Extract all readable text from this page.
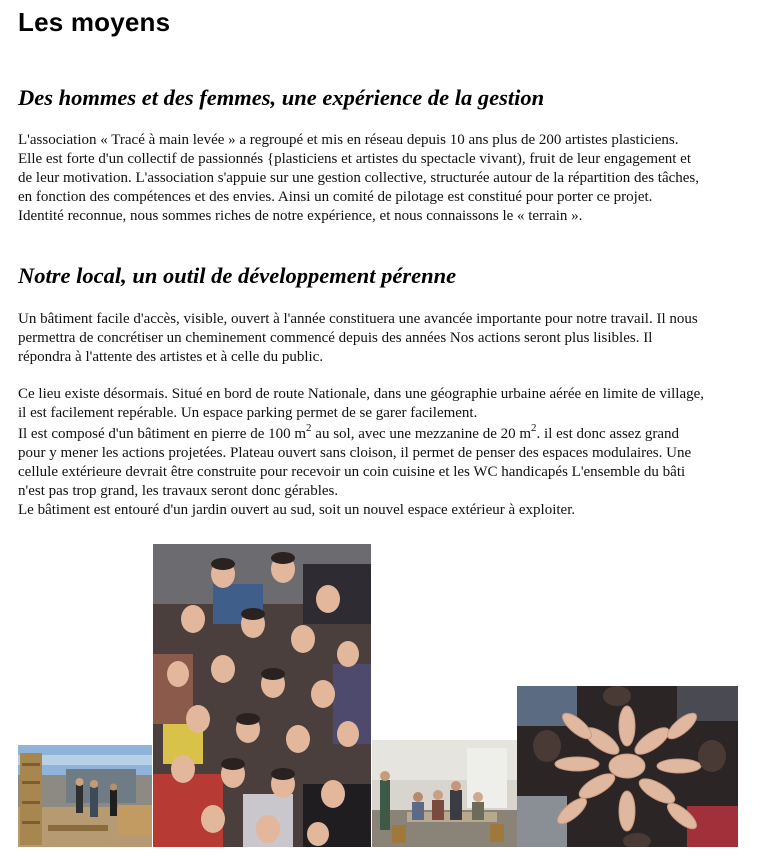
Les moyens
Des hommes et des femmes, une expérience de la gestion
L'association « Tracé à main levée » a regroupé et mis en réseau depuis 10 ans plus de 200 artistes plasticiens.
Elle est forte d'un collectif de passionnés {plasticiens et artistes du spectacle vivant), fruit de leur engagement et
de leur motivation. L'association s'appuie sur une gestion collective, structurée autour de la répartition des tâches,
en fonction des compétences et des envies. Ainsi un comité de pilotage est constitué pour porter ce projet.
Identité reconnue, nous sommes riches de notre expérience, et nous connaissons le « terrain ».
Notre local, un outil de développement pérenne
Un bâtiment facile d'accès, visible, ouvert à l'année constituera une avancée importante pour notre travail. Il nous
permettra de concrétiser un cheminement commencé depuis des années Nos actions seront plus lisibles. Il
répondra à l'attente des artistes et à celle du public.
Ce lieu existe désormais. Situé en bord de route Nationale, dans une géographie urbaine aérée en limite de village,
il est facilement repérable. Un espace parking permet de se garer facilement.
Il est composé d'un bâtiment en pierre de 100 $m^2$ au sol, avec une mezzanine de 20 $m^2$. il est donc assez grand
pour y mener les actions projetées. Plateau ouvert sans cloison, il permet de penser des espaces modulaires. Une
cellule extérieure devrait être construite pour recevoir un coin cuisine et les WC handicapés L'ensemble du bâti
n'est pas trop grand, les travaux seront donc gérables.
Le bâtiment est entouré d'un jardin ouvert au sud, soit un nouvel espace extérieur à exploiter.
